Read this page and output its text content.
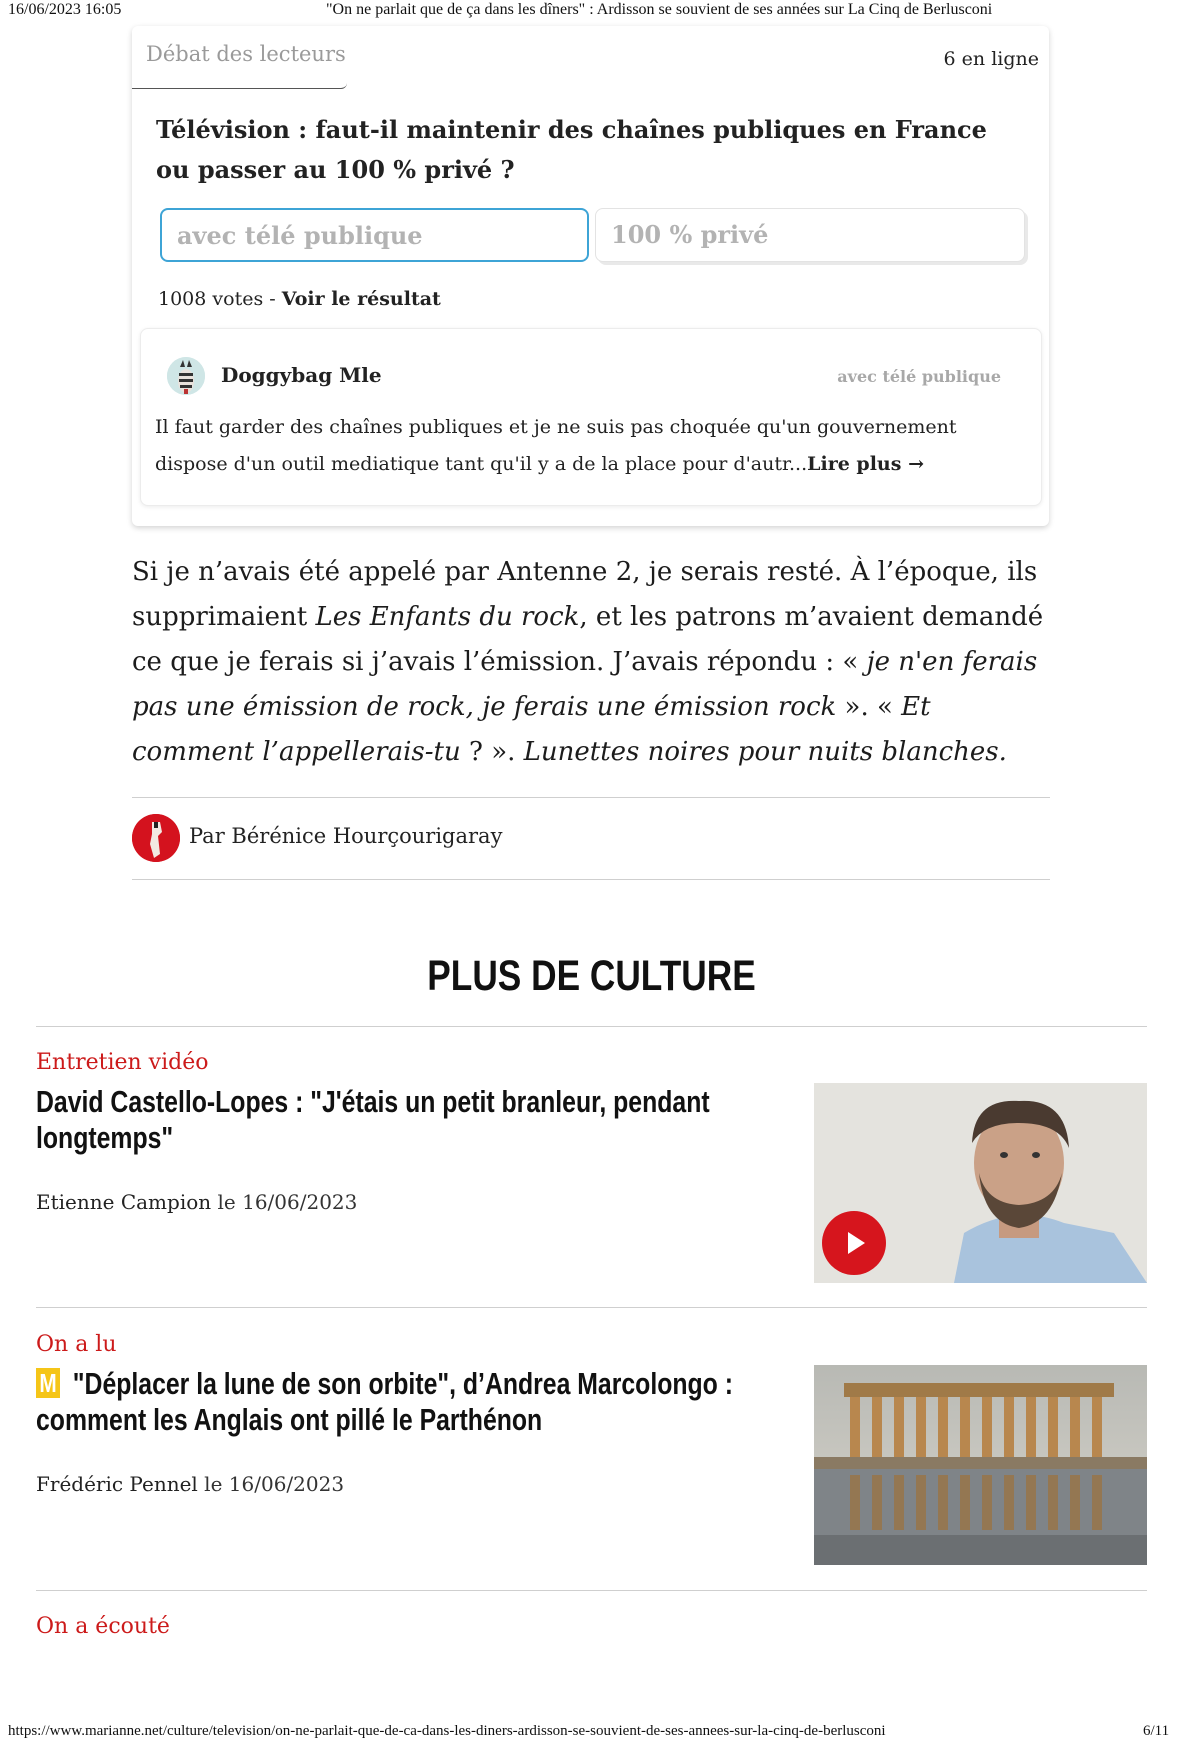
16/06/2023 16:05	"On ne parlait que de ça dans les dîners" : Ardisson se souvient de ses années sur La Cinq de Berlusconi
Débat des lecteurs	6 en ligne
Télévision : faut-il maintenir des chaînes publiques en France ou passer au 100 % privé ?
avec télé publique	100 % privé
1008 votes - Voir le résultat
Doggybag Mle	avec télé publique
Il faut garder des chaînes publiques et je ne suis pas choquée qu'un gouvernement dispose d'un outil mediatique tant qu'il y a de la place pour d'autr...Lire plus →
Si je n’avais été appelé par Antenne 2, je serais resté. À l’époque, ils supprimaient Les Enfants du rock, et les patrons m’avaient demandé ce que je ferais si j’avais l’émission. J’avais répondu : « je n'en ferais pas une émission de rock, je ferais une émission rock ». « Et comment l’appellerais-tu ? ». Lunettes noires pour nuits blanches.
Par Bérénice Hourçourigaray
PLUS DE CULTURE
Entretien vidéo
David Castello-Lopes : "J'étais un petit branleur, pendant longtemps"
Etienne Campion le 16/06/2023
On a lu
M "Déplacer la lune de son orbite", d’Andrea Marcolongo : comment les Anglais ont pillé le Parthénon
Frédéric Pennel le 16/06/2023
On a écouté
https://www.marianne.net/culture/television/on-ne-parlait-que-de-ca-dans-les-diners-ardisson-se-souvient-de-ses-annees-sur-la-cinq-de-berlusconi	6/11
